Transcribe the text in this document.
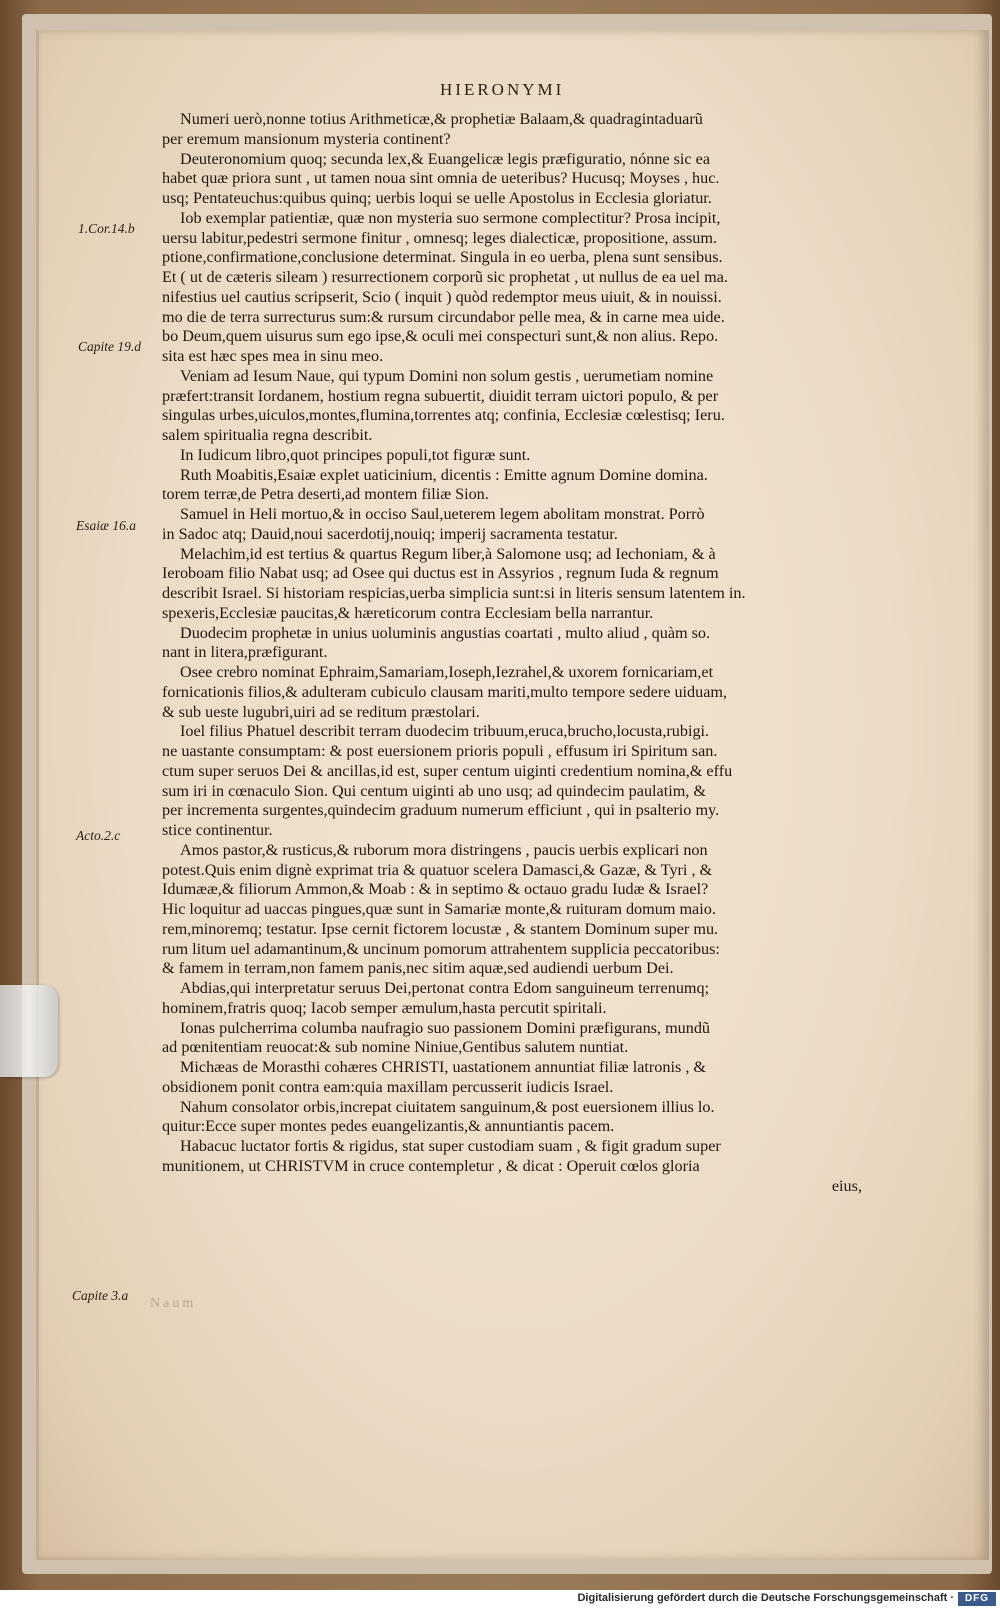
HIERONYMI
1.Cor.14.b
Capite 19.d
Esaiæ 16.a
Acto.2.c
Capite 3.a
Numeri uerò,nonne totius Arithmeticæ,& prophetiæ Balaam,& quadragintaduarũ
per eremum mansionum mysteria continent?
Deuteronomium quoq; secunda lex,& Euangelicæ legis præfiguratio, nónne sic ea
habet quæ priora sunt , ut tamen noua sint omnia de ueteribus? Hucusq; Moyses , huc.
usq; Pentateuchus:quibus quinq; uerbis loqui se uelle Apostolus in Ecclesia gloriatur.
Iob exemplar patientiæ, quæ non mysteria suo sermone complectitur? Prosa incipit,
uersu labitur,pedestri sermone finitur , omnesq; leges dialecticæ, propositione, assum.
ptione,confirmatione,conclusione determinat. Singula in eo uerba, plena sunt sensibus.
Et ( ut de cæteris sileam ) resurrectionem corporũ sic prophetat , ut nullus de ea uel ma.
nifestius uel cautius scripserit, Scio ( inquit ) quòd redemptor meus uiuit, & in nouissi.
mo die de terra surrecturus sum:& rursum circundabor pelle mea, & in carne mea uide.
bo Deum,quem uisurus sum ego ipse,& oculi mei conspecturi sunt,& non alius. Repo.
sita est hæc spes mea in sinu meo.
Veniam ad Iesum Naue, qui typum Domini non solum gestis , uerumetiam nomine
præfert:transit Iordanem, hostium regna subuertit, diuidit terram uictori populo, & per
singulas urbes,uiculos,montes,flumina,torrentes atq; confinia, Ecclesiæ cœlestisq; Ieru.
salem spiritualia regna describit.
In Iudicum libro,quot principes populi,tot figuræ sunt.
Ruth Moabitis,Esaiæ explet uaticinium, dicentis : Emitte agnum Domine domina.
torem terræ,de Petra deserti,ad montem filiæ Sion.
Samuel in Heli mortuo,& in occiso Saul,ueterem legem abolitam monstrat. Porrò
in Sadoc atq; Dauid,noui sacerdotij,nouiq; imperij sacramenta testatur.
Melachim,id est tertius & quartus Regum liber,à Salomone usq; ad Iechoniam, & à
Ieroboam filio Nabat usq; ad Osee qui ductus est in Assyrios , regnum Iuda & regnum
describit Israel. Si historiam respicias,uerba simplicia sunt:si in literis sensum latentem in.
spexeris,Ecclesiæ paucitas,& hæreticorum contra Ecclesiam bella narrantur.
Duodecim prophetæ in unius uoluminis angustias coartati , multo aliud , quàm so.
nant in litera,præfigurant.
Osee crebro nominat Ephraim,Samariam,Ioseph,Iezrahel,& uxorem fornicariam,et
fornicationis filios,& adulteram cubiculo clausam mariti,multo tempore sedere uiduam,
& sub ueste lugubri,uiri ad se reditum præstolari.
Ioel filius Phatuel describit terram duodecim tribuum,eruca,brucho,locusta,rubigi.
ne uastante consumptam: & post euersionem prioris populi , effusum iri Spiritum san.
ctum super seruos Dei & ancillas,id est, super centum uiginti credentium nomina,& effu
sum iri in cœnaculo Sion. Qui centum uiginti ab uno usq; ad quindecim paulatim, &
per incrementa surgentes,quindecim graduum numerum efficiunt , qui in psalterio my.
stice continentur.
Amos pastor,& rusticus,& ruborum mora distringens , paucis uerbis explicari non
potest.Quis enim dignè exprimat tria & quatuor scelera Damasci,& Gazæ, & Tyri , &
Idumææ,& filiorum Ammon,& Moab : & in septimo & octauo gradu Iudæ & Israel?
Hic loquitur ad uaccas pingues,quæ sunt in Samariæ monte,& ruituram domum maio.
rem,minoremq; testatur. Ipse cernit fictorem locustæ , & stantem Dominum super mu.
rum litum uel adamantinum,& uncinum pomorum attrahentem supplicia peccatoribus:
& famem in terram,non famem panis,nec sitim aquæ,sed audiendi uerbum Dei.
Abdias,qui interpretatur seruus Dei,pertonat contra Edom sanguineum terrenumq;
hominem,fratris quoq; Iacob semper æmulum,hasta percutit spiritali.
Ionas pulcherrima columba naufragio suo passionem Domini præfigurans, mundũ
ad pœnitentiam reuocat:& sub nomine Niniue,Gentibus salutem nuntiat.
Michæas de Morasthi cohæres CHRISTI, uastationem annuntiat filiæ latronis , &
obsidionem ponit contra eam:quia maxillam percusserit iudicis Israel.
Nahum consolator orbis,increpat ciuitatem sanguinum,& post euersionem illius lo.
quitur:Ecce super montes pedes euangelizantis,& annuntiantis pacem.
Habacuc luctator fortis & rigidus, stat super custodiam suam , & figit gradum super
munitionem, ut CHRISTVM in cruce contempletur , & dicat : Operuit cœlos gloria
eius,
Naum
Digitalisierung gefördert durch die Deutsche Forschungsgemeinschaft ·	DFG
